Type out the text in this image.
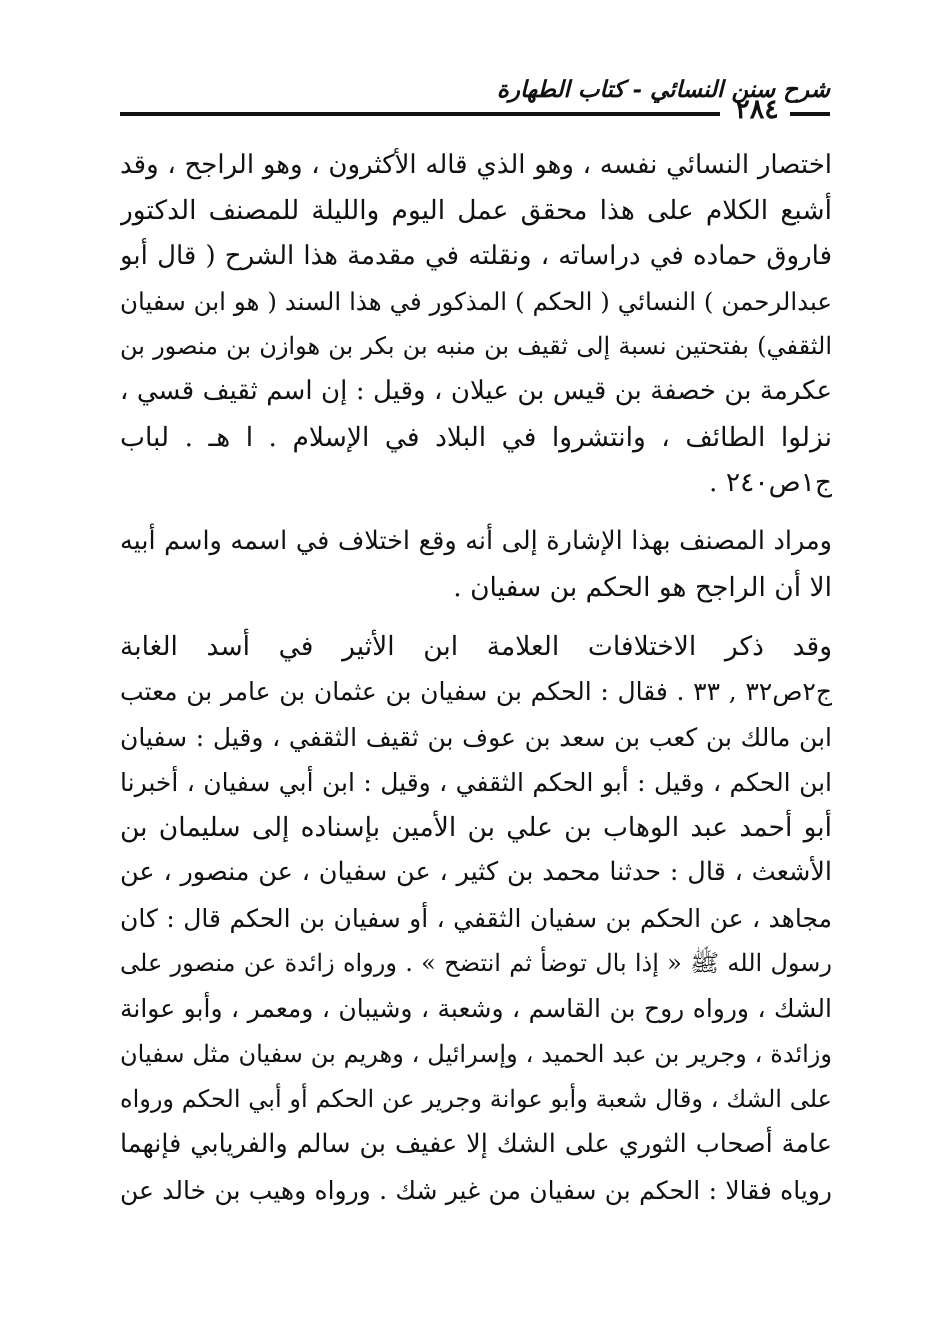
شرح سنن النسائي - كتاب الطهارة
٢٨٤
اختصار النسائي نفسه ، وهو الذي قاله الأكثرون ، وهو الراجح ، وقد
أشبع الكلام على هذا محقق عمل اليوم والليلة للمصنف الدكتور
فاروق حماده في دراساته ، ونقلته في مقدمة هذا الشرح ( قال أبو
عبدالرحمن ) النسائي ( الحكم ) المذكور في هذا السند ( هو ابن سفيان
الثقفي) بفتحتين نسبة إلى ثقيف بن منبه بن بكر بن هوازن بن منصور بن
عكرمة بن خصفة بن قيس بن عيلان ، وقيل : إن اسم ثقيف قسي ،
نزلوا الطائف ، وانتشروا في البلاد في الإسلام . ا هـ . لباب
ج١ص٢٤٠ .
ومراد المصنف بهذا الإشارة إلى أنه وقع اختلاف في اسمه واسم أبيه
الا أن الراجح هو الحكم بن سفيان .
وقد ذكر الاختلافات العلامة ابن الأثير في أسد الغابة
ج٢ص٣٢ , ٣٣ . فقال : الحكم بن سفيان بن عثمان بن عامر بن معتب
ابن مالك بن كعب بن سعد بن عوف بن ثقيف الثقفي ، وقيل : سفيان
ابن الحكم ، وقيل : أبو الحكم الثقفي ، وقيل : ابن أبي سفيان ، أخبرنا
أبو أحمد عبد الوهاب بن علي بن الأمين بإسناده إلى سليمان بن
الأشعث ، قال : حدثنا محمد بن كثير ، عن سفيان ، عن منصور ، عن
مجاهد ، عن الحكم بن سفيان الثقفي ، أو سفيان بن الحكم قال : كان
رسول الله ﷺ « إذا بال توضأ ثم انتضح » . ورواه زائدة عن منصور على
الشك ، ورواه روح بن القاسم ، وشعبة ، وشيبان ، ومعمر ، وأبو عوانة
وزائدة ، وجرير بن عبد الحميد ، وإسرائيل ، وهريم بن سفيان مثل سفيان
على الشك ، وقال شعبة وأبو عوانة وجرير عن الحكم أو أبي الحكم ورواه
عامة أصحاب الثوري على الشك إلا عفيف بن سالم والفريابي فإنهما
روياه فقالا : الحكم بن سفيان من غير شك . ورواه وهيب بن خالد عن
